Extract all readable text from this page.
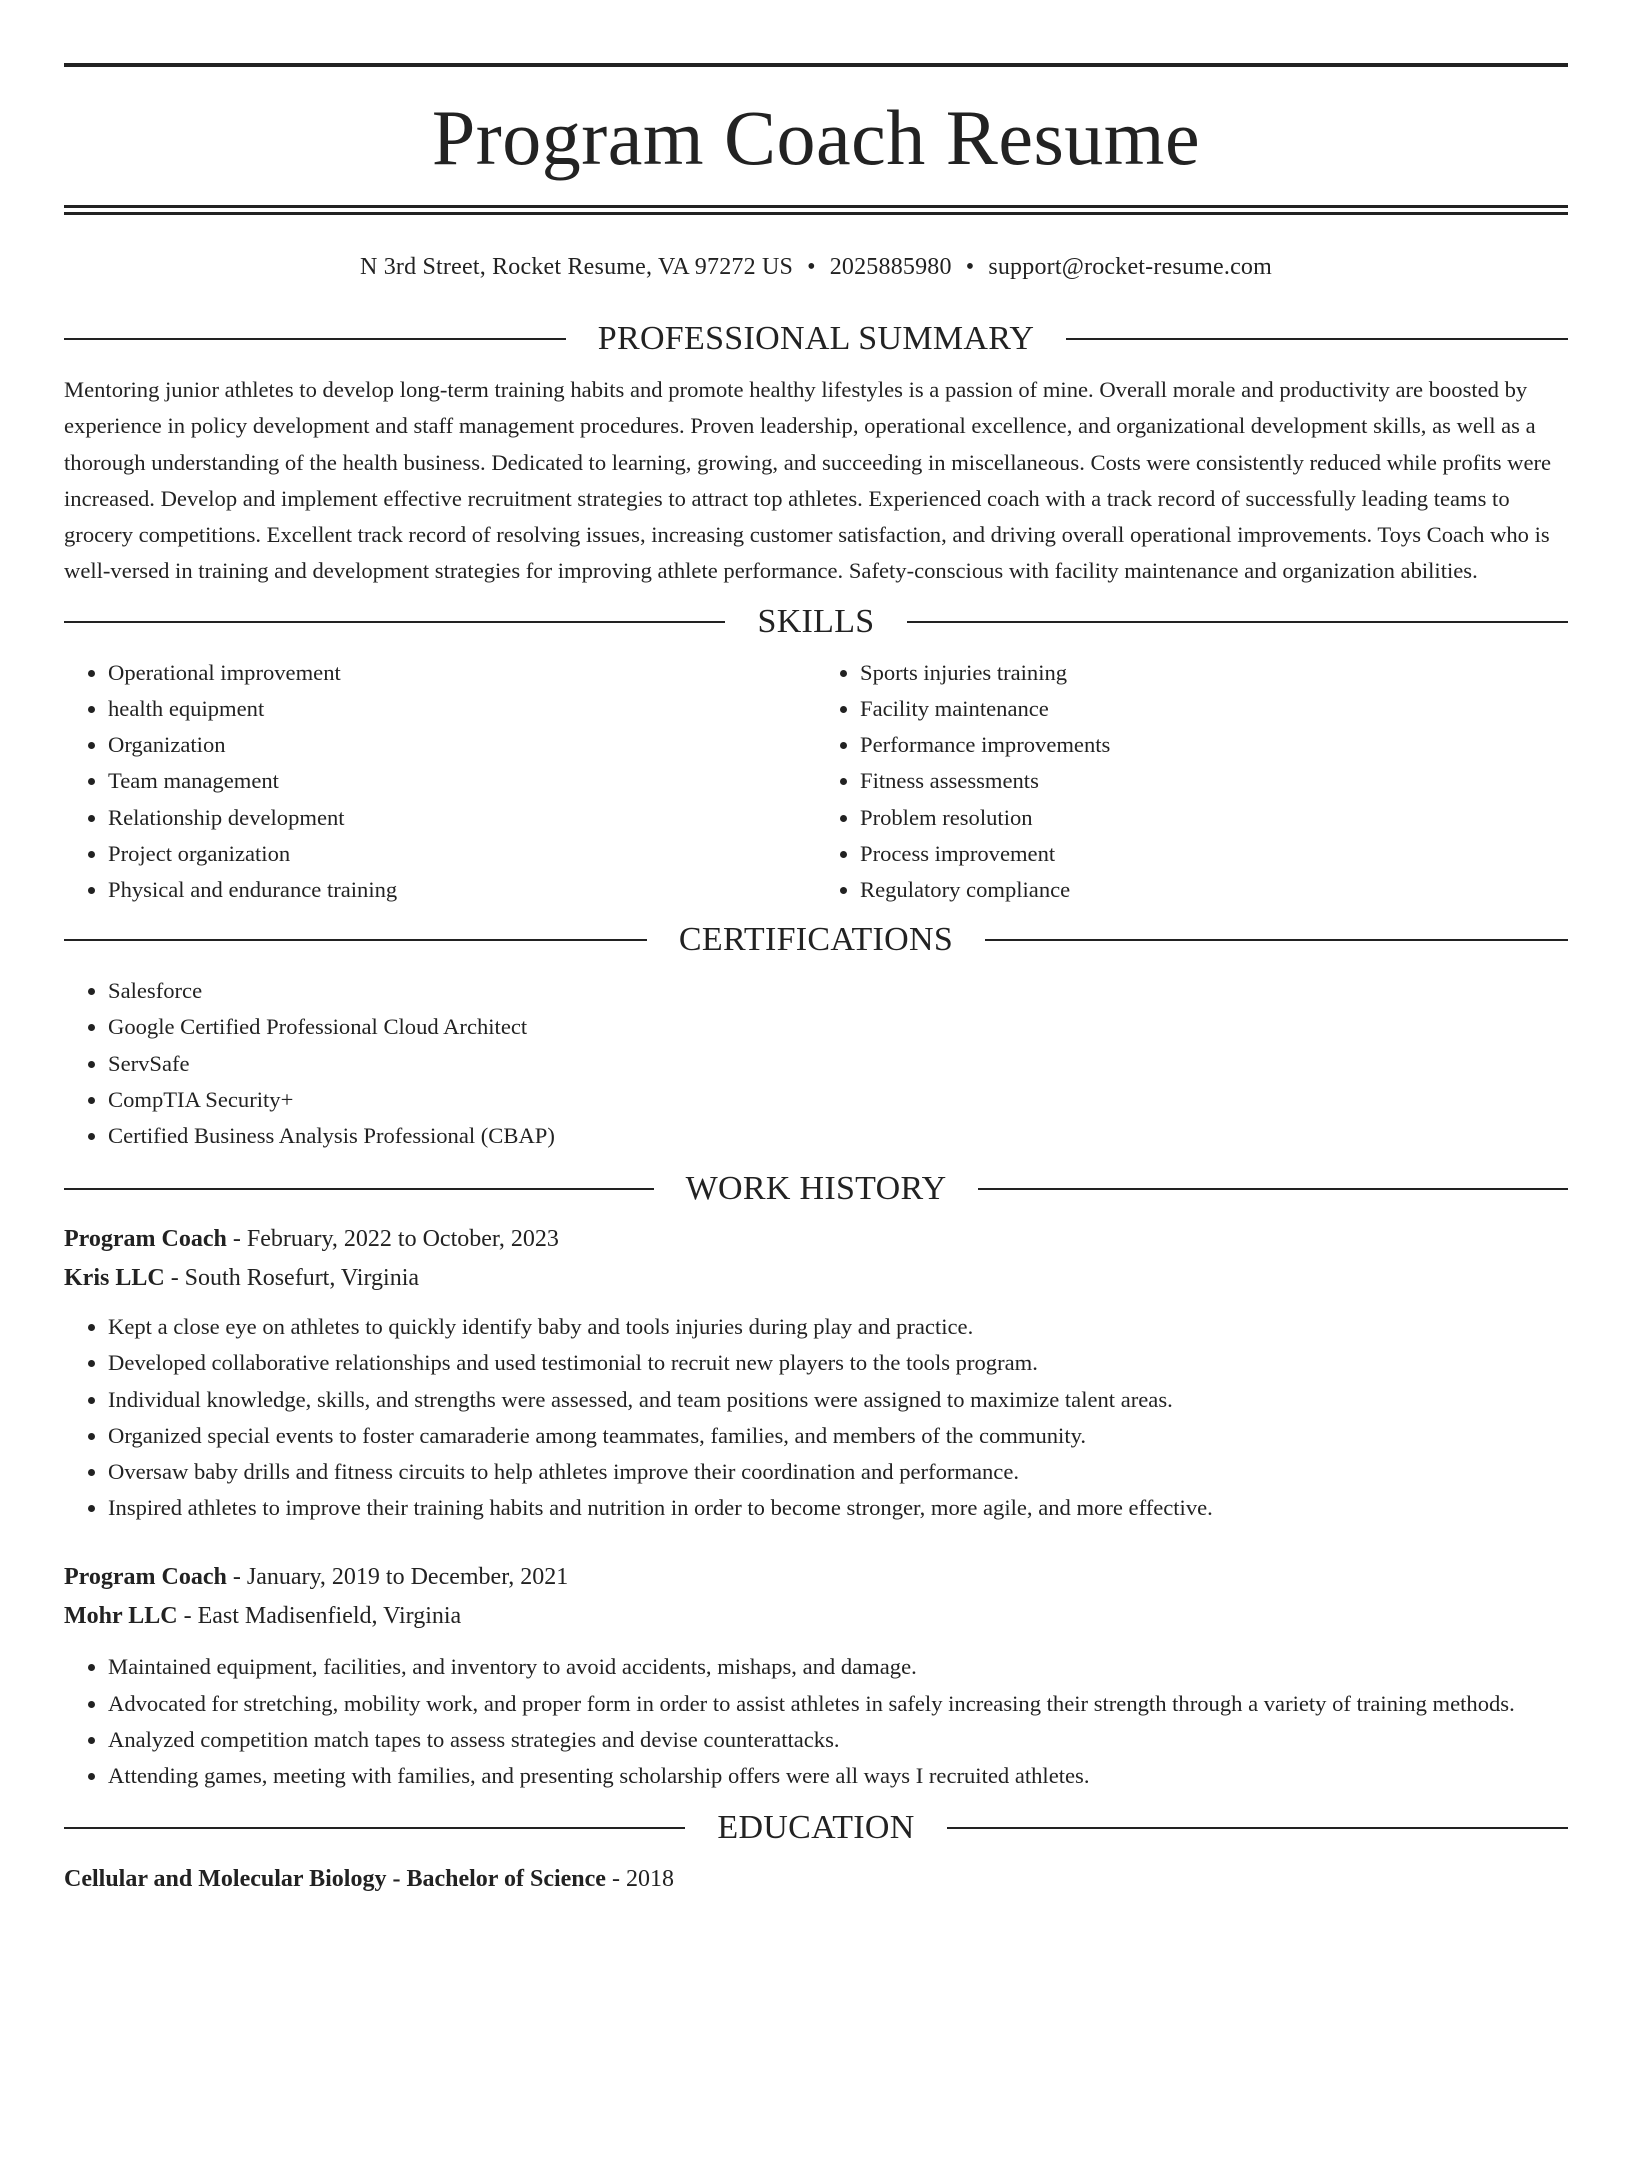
Program Coach Resume
N 3rd Street, Rocket Resume, VA 97272 US • 2025885980 • support@rocket-resume.com
PROFESSIONAL SUMMARY

Mentoring junior athletes to develop long-term training habits and promote healthy lifestyles is a passion of mine. Overall morale and productivity are boosted by experience in policy development and staff management procedures. Proven leadership, operational excellence, and organizational development skills, as well as a thorough understanding of the health business. Dedicated to learning, growing, and succeeding in miscellaneous. Costs were consistently reduced while profits were increased. Develop and implement effective recruitment strategies to attract top athletes. Experienced coach with a track record of successfully leading teams to grocery competitions. Excellent track record of resolving issues, increasing customer satisfaction, and driving overall operational improvements. Toys Coach who is well-versed in training and development strategies for improving athlete performance. Safety-conscious with facility maintenance and organization abilities.

SKILLS
• Operational improvement
• health equipment
• Organization
• Team management
• Relationship development
• Project organization
• Physical and endurance training
• Sports injuries training
• Facility maintenance
• Performance improvements
• Fitness assessments
• Problem resolution
• Process improvement
• Regulatory compliance
CERTIFICATIONS
• Salesforce
• Google Certified Professional Cloud Architect
• ServSafe
• CompTIA Security+
• Certified Business Analysis Professional (CBAP)
WORK HISTORY
Program Coach - February, 2022 to October, 2023
Kris LLC - South Rosefurt, Virginia
• Kept a close eye on athletes to quickly identify baby and tools injuries during play and practice.
• Developed collaborative relationships and used testimonial to recruit new players to the tools program.
• Individual knowledge, skills, and strengths were assessed, and team positions were assigned to maximize talent areas.
• Organized special events to foster camaraderie among teammates, families, and members of the community.
• Oversaw baby drills and fitness circuits to help athletes improve their coordination and performance.
• Inspired athletes to improve their training habits and nutrition in order to become stronger, more agile, and more effective.
Program Coach - January, 2019 to December, 2021
Mohr LLC - East Madisenfield, Virginia
• Maintained equipment, facilities, and inventory to avoid accidents, mishaps, and damage.
• Advocated for stretching, mobility work, and proper form in order to assist athletes in safely increasing their strength through a variety of training methods.
• Analyzed competition match tapes to assess strategies and devise counterattacks.
• Attending games, meeting with families, and presenting scholarship offers were all ways I recruited athletes.
EDUCATION
Cellular and Molecular Biology - Bachelor of Science - 2018
